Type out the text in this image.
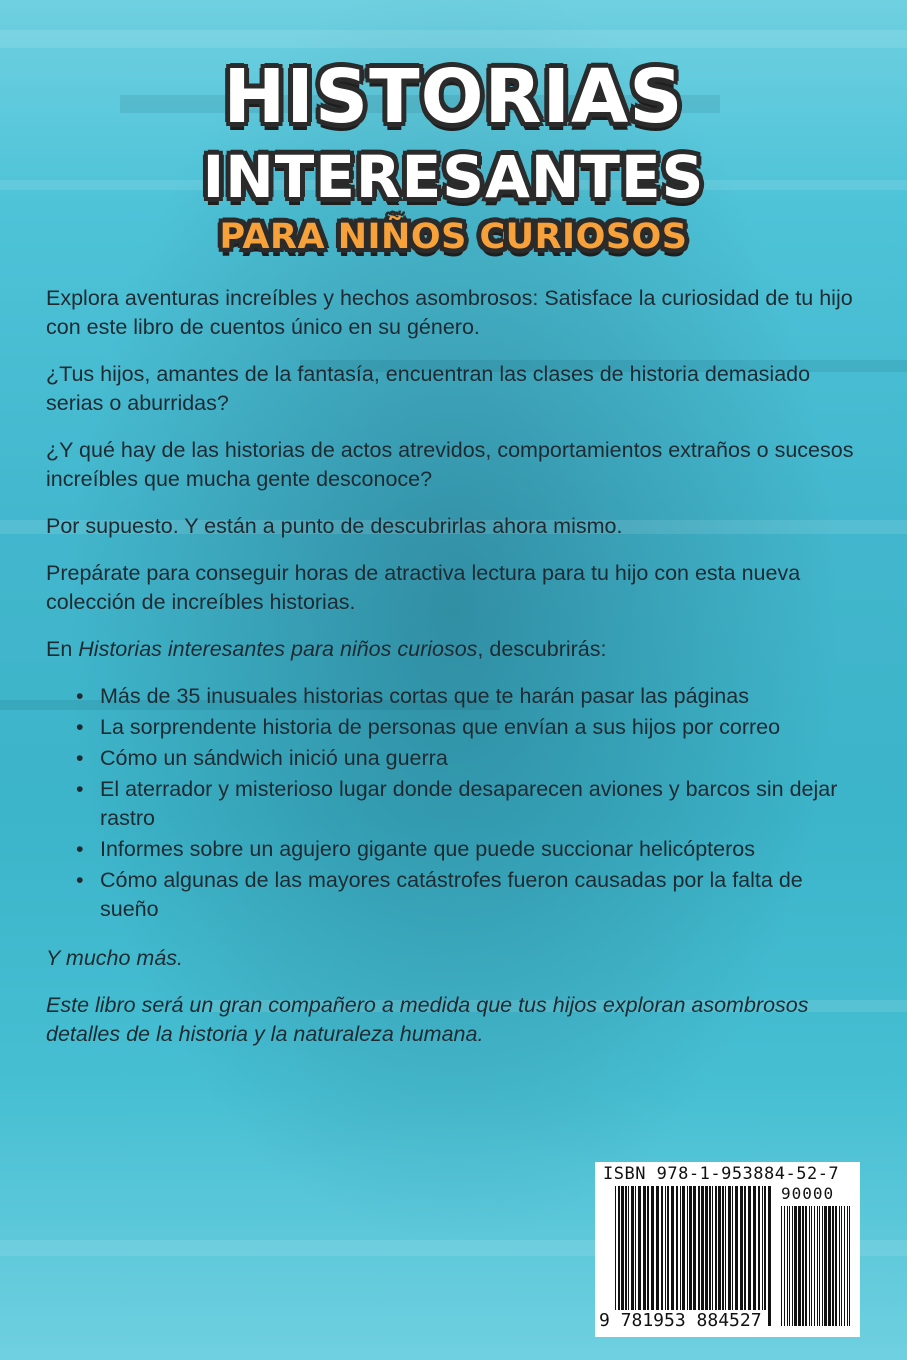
HISTORIAS
INTERESANTES
PARA NIÑOS CURIOSOS

Explora aventuras increíbles y hechos asombrosos: Satisface la curiosidad de tu hijo con este libro de cuentos único en su género.

¿Tus hijos, amantes de la fantasía, encuentran las clases de historia demasiado serias o aburridas?

¿Y qué hay de las historias de actos atrevidos, comportamientos extraños o sucesos increíbles que mucha gente desconoce?

Por supuesto. Y están a punto de descubrirlas ahora mismo.

Prepárate para conseguir horas de atractiva lectura para tu hijo con esta nueva colección de increíbles historias.

En Historias interesantes para niños curiosos, descubrirás:

• Más de 35 inusuales historias cortas que te harán pasar las páginas
• La sorprendente historia de personas que envían a sus hijos por correo
• Cómo un sándwich inició una guerra
• El aterrador y misterioso lugar donde desaparecen aviones y barcos sin dejar rastro
• Informes sobre un agujero gigante que puede succionar helicópteros
• Cómo algunas de las mayores catástrofes fueron causadas por la falta de sueño

Y mucho más.

Este libro será un gran compañero a medida que tus hijos exploran asombrosos detalles de la historia y la naturaleza humana.

ISBN 978-1-953884-52-7
90000
9 781953 884527
